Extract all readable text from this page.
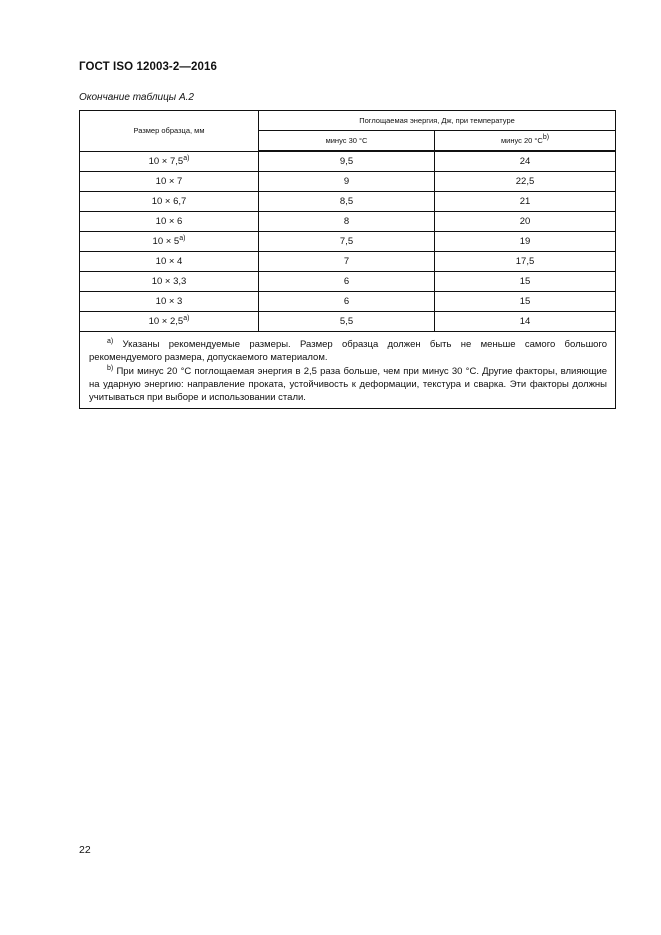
ГОСТ ISO 12003-2—2016
Окончание таблицы А.2
Размер образца, мм	Поглощаемая энергия, Дж, при температуре	
	минус 30 °С	минус 20 $^\circ С^{b)}$
$10 \times 7,5^{a)}$	9,5	24
10 × 7	9	22,5
10 × 6,7	8,5	21
10 × 6	8	20
$10 \times 5^{a)}$	7,5	19
10 × 4	7	17,5
10 × 3,3	6	15
10 × 3	6	15
$10 \times 2,5^{a)}$	5,5	14

$^{a)}$ Указаны рекомендуемые размеры. Размер образца должен быть не меньше самого большого рекомендуемого размера, допускаемого материалом.

$^{b)}$ При минус 20 °С поглощаемая энергия в 2,5 раза больше, чем при минус 30 °С. Другие факторы, влияющие на ударную энергию: направление проката, устойчивость к деформации, текстура и сварка. Эти факторы должны учитываться при выборе и использовании стали.		

22
